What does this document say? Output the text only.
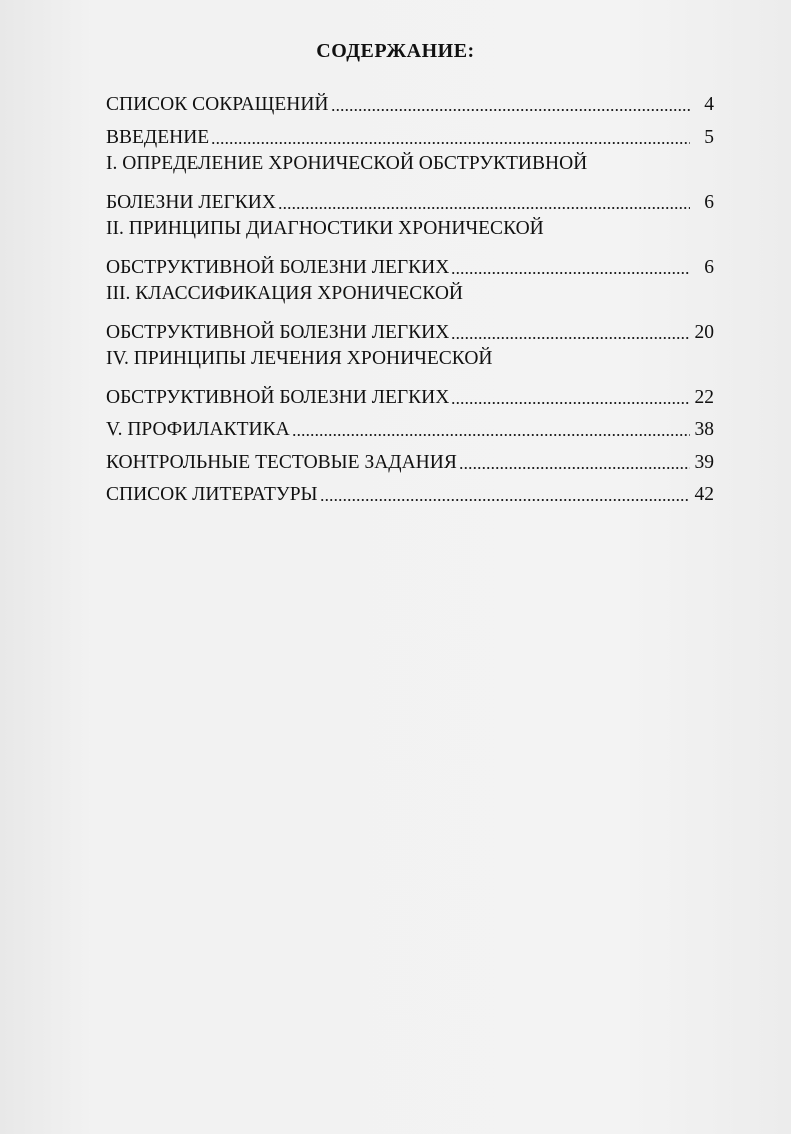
СОДЕРЖАНИЕ:
СПИСОК СОКРАЩЕНИЙ	4
ВВЕДЕНИЕ	5
I. ОПРЕДЕЛЕНИЕ ХРОНИЧЕСКОЙ ОБСТРУКТИВНОЙ
БОЛЕЗНИ ЛЕГКИХ	6
II. ПРИНЦИПЫ ДИАГНОСТИКИ ХРОНИЧЕСКОЙ
ОБСТРУКТИВНОЙ БОЛЕЗНИ ЛЕГКИХ	6
III. КЛАССИФИКАЦИЯ ХРОНИЧЕСКОЙ
ОБСТРУКТИВНОЙ БОЛЕЗНИ ЛЕГКИХ	20
IV. ПРИНЦИПЫ ЛЕЧЕНИЯ ХРОНИЧЕСКОЙ
ОБСТРУКТИВНОЙ БОЛЕЗНИ ЛЕГКИХ	22
V. ПРОФИЛАКТИКА	38
КОНТРОЛЬНЫЕ ТЕСТОВЫЕ ЗАДАНИЯ	39
СПИСОК ЛИТЕРАТУРЫ	42
